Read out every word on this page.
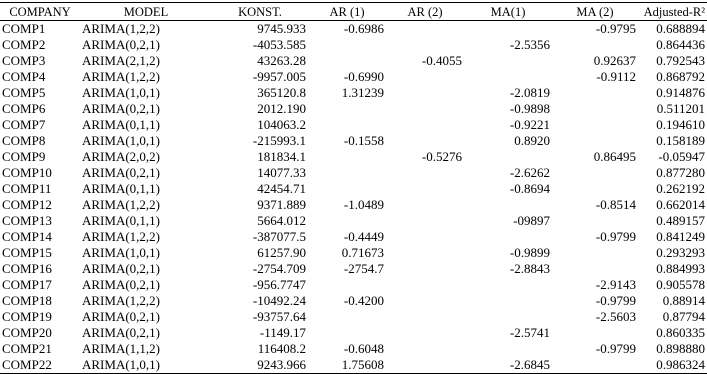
COMPANY	MODEL	KONST.	AR (1)	AR (2)	MA(1)	MA (2)	Adjusted-R²
COMP1	ARIMA(1,2,2)	9745.933	-0.6986			-0.9795	0.688894
COMP2	ARIMA(0,2,1)	-4053.585			-2.5356		0.864436
COMP3	ARIMA(2,1,2)	43263.28		-0.4055		0.92637	0.792543
COMP4	ARIMA(1,2,2)	-9957.005	-0.6990			-0.9112	0.868792
COMP5	ARIMA(1,0,1)	365120.8	1.31239		-2.0819		0.914876
COMP6	ARIMA(0,2,1)	2012.190			-0.9898		0.511201
COMP7	ARIMA(0,1,1)	104063.2			-0.9221		0.194610
COMP8	ARIMA(1,0,1)	-215993.1	-0.1558		0.8920		0.158189
COMP9	ARIMA(2,0,2)	181834.1		-0.5276		0.86495	-0.05947
COMP10	ARIMA(0,2,1)	14077.33			-2.6262		0.877280
COMP11	ARIMA(0,1,1)	42454.71			-0.8694		0.262192
COMP12	ARIMA(1,2,2)	9371.889	-1.0489			-0.8514	0.662014
COMP13	ARIMA(0,1,1)	5664.012			-09897		0.489157
COMP14	ARIMA(1,2,2)	-387077.5	-0.4449			-0.9799	0.841249
COMP15	ARIMA(1,0,1)	61257.90	0.71673		-0.9899		0.293293
COMP16	ARIMA(0,2,1)	-2754.709	-2754.7		-2.8843		0.884993
COMP17	ARIMA(0,2,1)	-956.7747				-2.9143	0.905578
COMP18	ARIMA(1,2,2)	-10492.24	-0.4200			-0.9799	0.88914
COMP19	ARIMA(0,2,1)	-93757.64				-2.5603	0.87794
COMP20	ARIMA(0,2,1)	-1149.17			-2.5741		0.860335
COMP21	ARIMA(1,1,2)	116408.2	-0.6048			-0.9799	0.898880
COMP22	ARIMA(1,0,1)	9243.966	1.75608		-2.6845		0.986324
